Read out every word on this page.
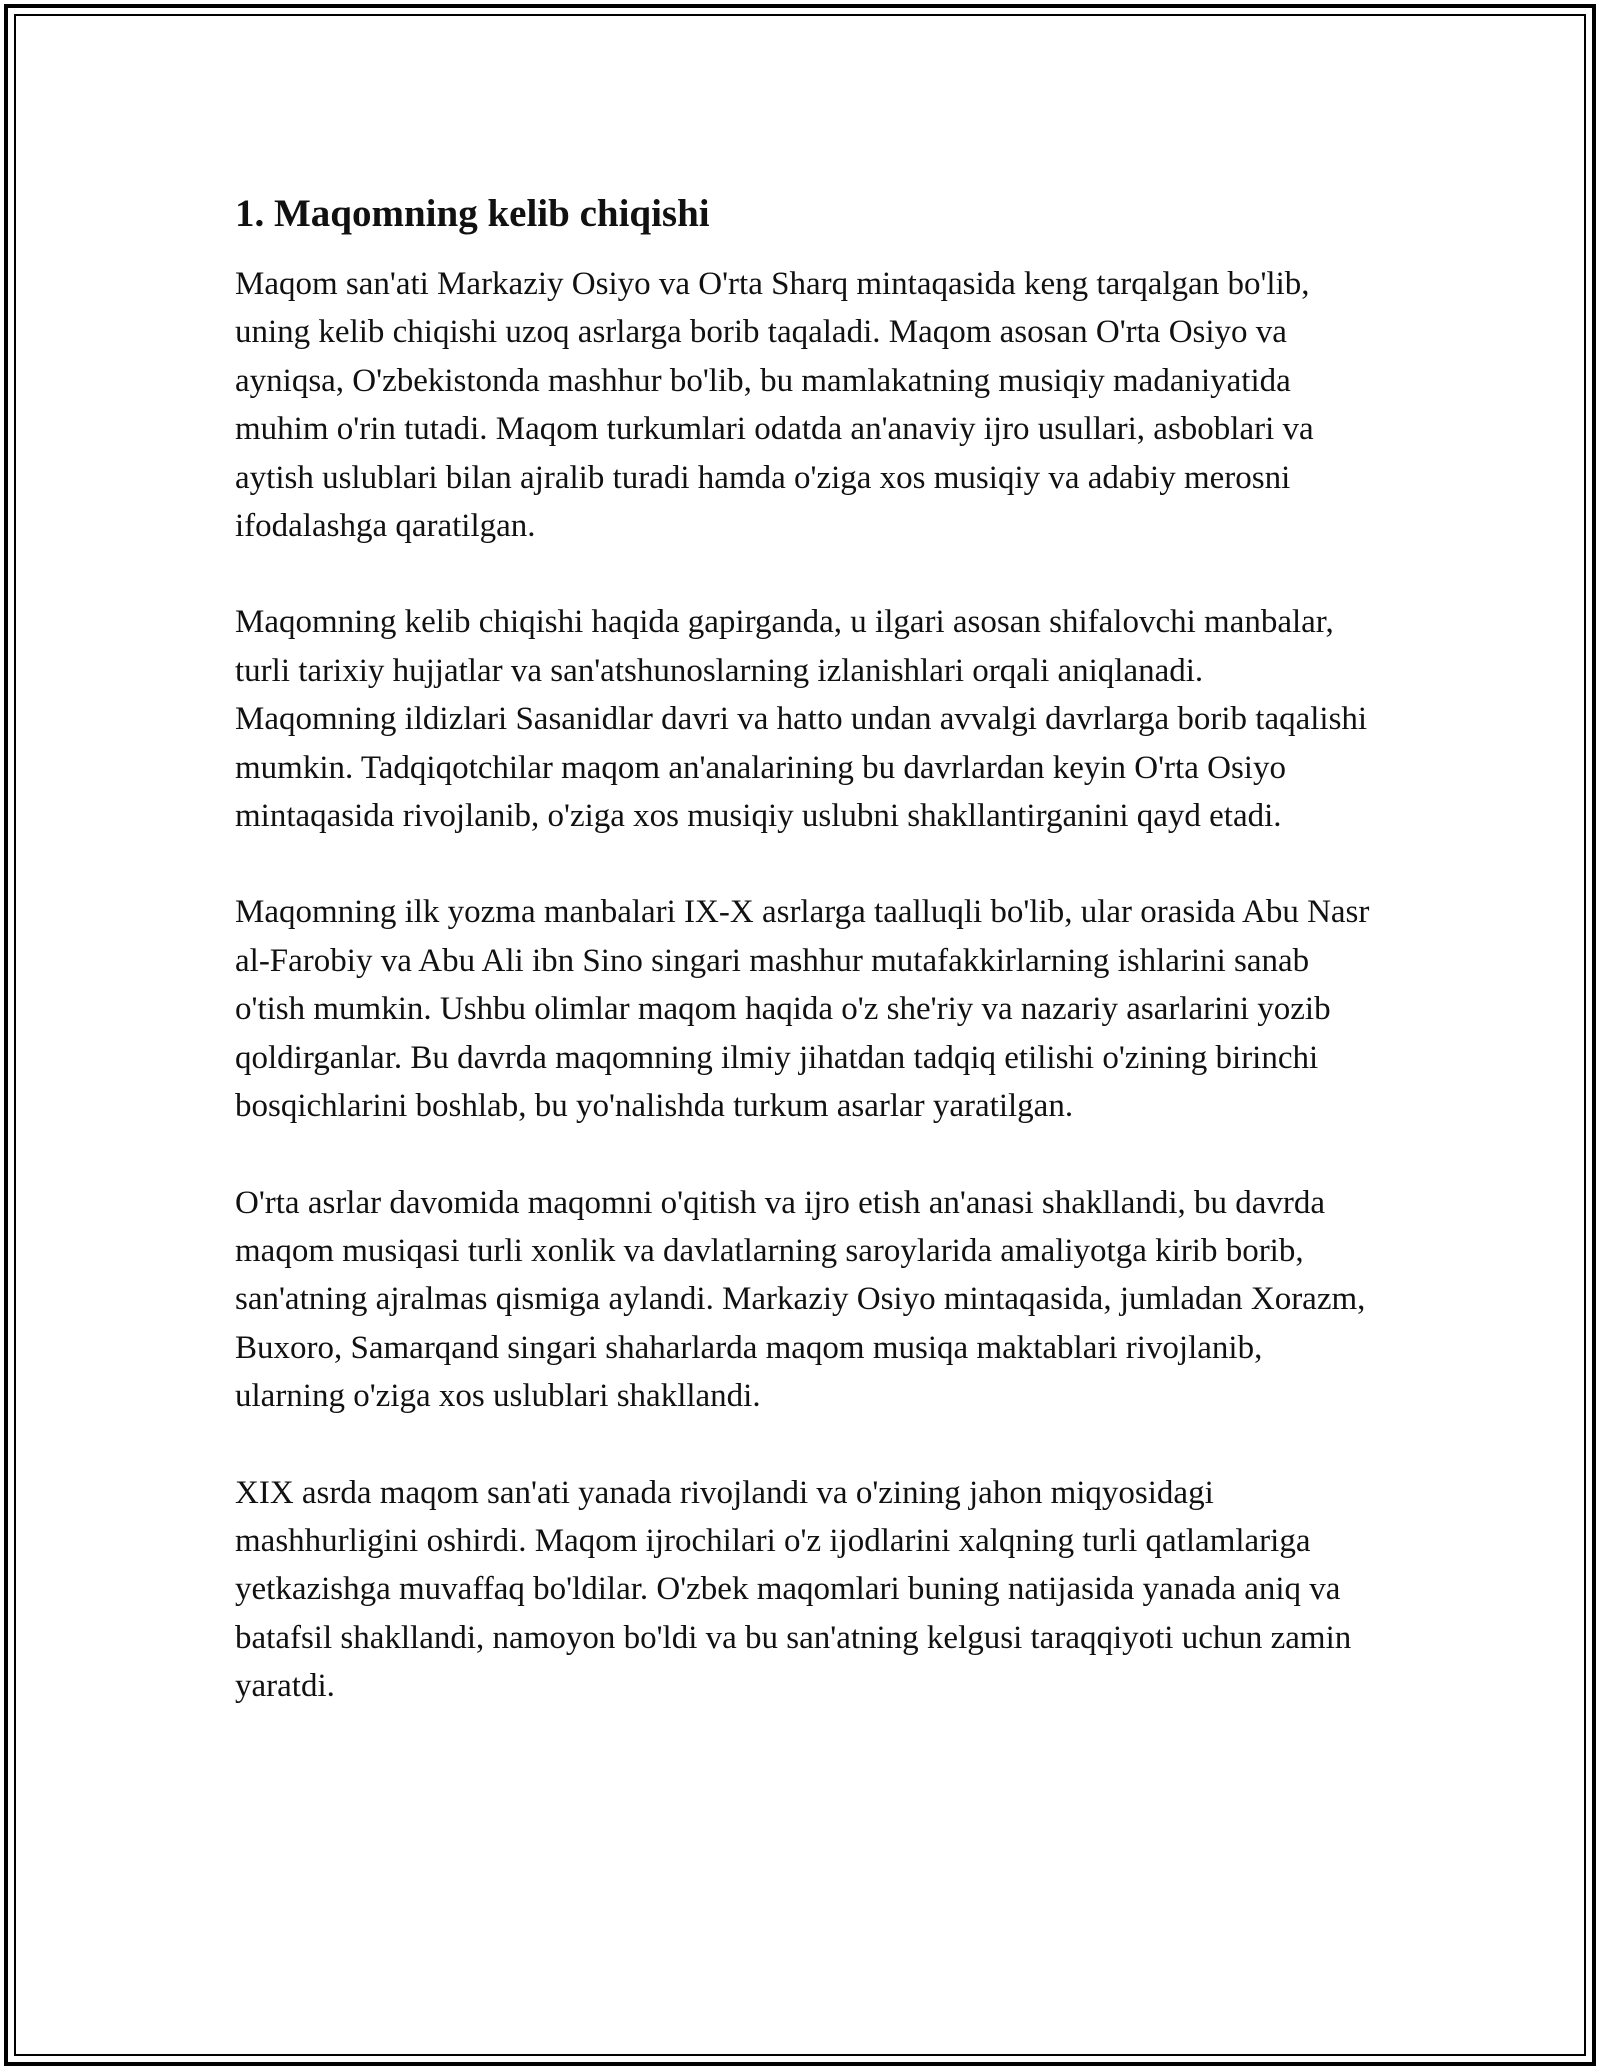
1. Maqomning kelib chiqishi

Maqom san'ati Markaziy Osiyo va O'rta Sharq mintaqasida keng tarqalgan bo'lib, uning kelib chiqishi uzoq asrlarga borib taqaladi. Maqom asosan O'rta Osiyo va ayniqsa, O'zbekistonda mashhur bo'lib, bu mamlakatning musiqiy madaniyatida muhim o'rin tutadi. Maqom turkumlari odatda an'anaviy ijro usullari, asboblari va aytish uslublari bilan ajralib turadi hamda o'ziga xos musiqiy va adabiy merosni ifodalashga qaratilgan.

Maqomning kelib chiqishi haqida gapirganda, u ilgari asosan shifalovchi manbalar, turli tarixiy hujjatlar va san'atshunoslarning izlanishlari orqali aniqlanadi. Maqomning ildizlari Sasanidlar davri va hatto undan avvalgi davrlarga borib taqalishi mumkin. Tadqiqotchilar maqom an'analarining bu davrlardan keyin O'rta Osiyo mintaqasida rivojlanib, o'ziga xos musiqiy uslubni shakllantirganini qayd etadi.

Maqomning ilk yozma manbalari IX-X asrlarga taalluqli bo'lib, ular orasida Abu Nasr al-Farobiy va Abu Ali ibn Sino singari mashhur mutafakkirlarning ishlarini sanab o'tish mumkin. Ushbu olimlar maqom haqida o'z she'riy va nazariy asarlarini yozib qoldirganlar. Bu davrda maqomning ilmiy jihatdan tadqiq etilishi o'zining birinchi bosqichlarini boshlab, bu yo'nalishda turkum asarlar yaratilgan.

O'rta asrlar davomida maqomni o'qitish va ijro etish an'anasi shakllandi, bu davrda maqom musiqasi turli xonlik va davlatlarning saroylarida amaliyotga kirib borib, san'atning ajralmas qismiga aylandi. Markaziy Osiyo mintaqasida, jumladan Xorazm, Buxoro, Samarqand singari shaharlarda maqom musiqa maktablari rivojlanib, ularning o'ziga xos uslublari shakllandi.

XIX asrda maqom san'ati yanada rivojlandi va o'zining jahon miqyosidagi mashhurligini oshirdi. Maqom ijrochilari o'z ijodlarini xalqning turli qatlamlariga yetkazishga muvaffaq bo'ldilar. O'zbek maqomlari buning natijasida yanada aniq va batafsil shakllandi, namoyon bo'ldi va bu san'atning kelgusi taraqqiyoti uchun zamin yaratdi.
